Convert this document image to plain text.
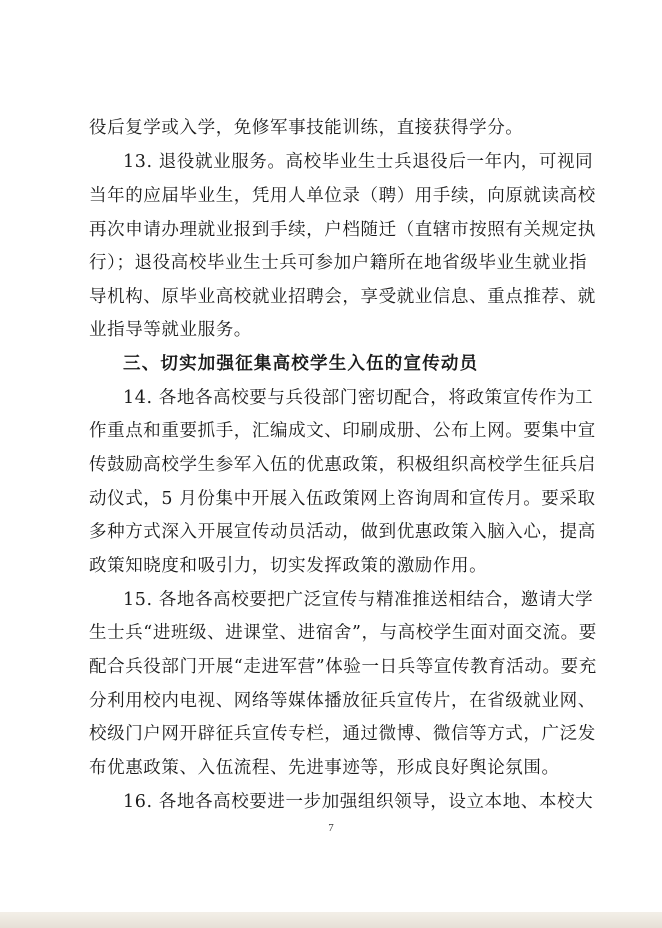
役后复学或入学，免修军事技能训练，直接获得学分。
13. 退役就业服务。高校毕业生士兵退役后一年内，可视同
当年的应届毕业生，凭用人单位录（聘）用手续，向原就读高校
再次申请办理就业报到手续，户档随迁（直辖市按照有关规定执
行）；退役高校毕业生士兵可参加户籍所在地省级毕业生就业指
导机构、原毕业高校就业招聘会，享受就业信息、重点推荐、就
业指导等就业服务。
三、切实加强征集高校学生入伍的宣传动员
14. 各地各高校要与兵役部门密切配合，将政策宣传作为工
作重点和重要抓手，汇编成文、印刷成册、公布上网。要集中宣
传鼓励高校学生参军入伍的优惠政策，积极组织高校学生征兵启
动仪式，5 月份集中开展入伍政策网上咨询周和宣传月。要采取
多种方式深入开展宣传动员活动，做到优惠政策入脑入心，提高
政策知晓度和吸引力，切实发挥政策的激励作用。
15. 各地各高校要把广泛宣传与精准推送相结合，邀请大学
生士兵“进班级、进课堂、进宿舍”，与高校学生面对面交流。要
配合兵役部门开展“走进军营”体验一日兵等宣传教育活动。要充
分利用校内电视、网络等媒体播放征兵宣传片，在省级就业网、
校级门户网开辟征兵宣传专栏，通过微博、微信等方式，广泛发
布优惠政策、入伍流程、先进事迹等，形成良好舆论氛围。
16. 各地各高校要进一步加强组织领导，设立本地、本校大
7
